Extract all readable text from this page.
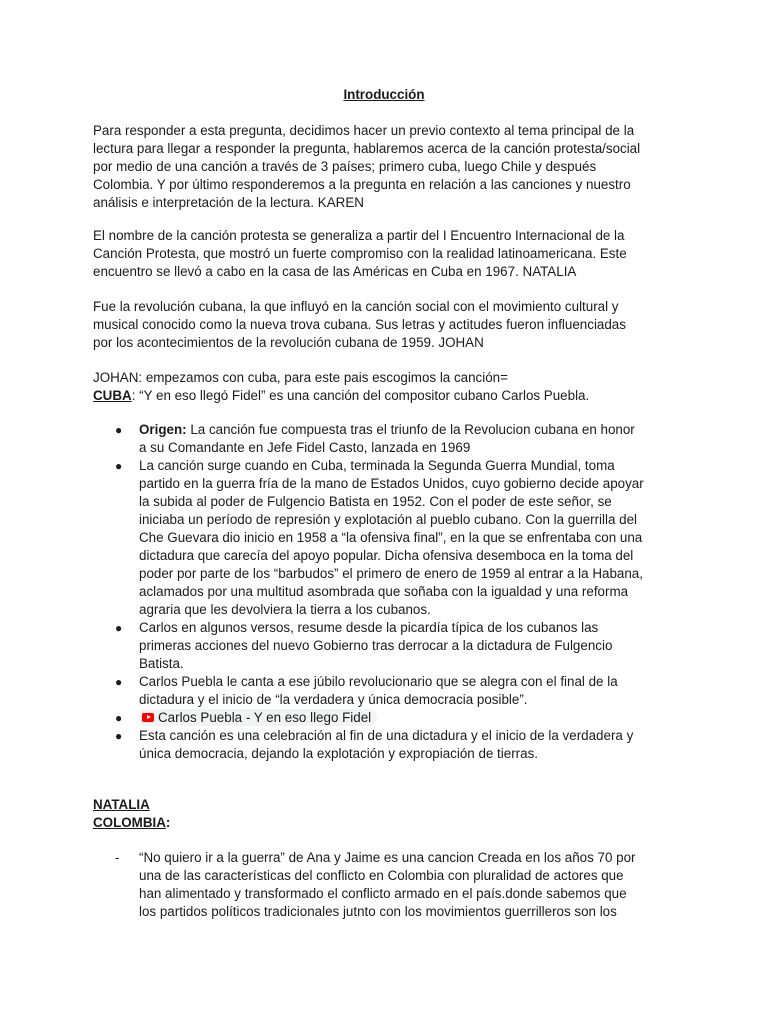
Introducción
Para responder a esta pregunta, decidimos hacer un previo contexto al tema principal de la
lectura para llegar a responder la pregunta, hablaremos acerca de la canción protesta/social
por medio de una canción a través de 3 países; primero cuba, luego Chile y después
Colombia. Y por último responderemos a la pregunta en relación a las canciones y nuestro
análisis e interpretación de la lectura. KAREN
El nombre de la canción protesta se generaliza a partir del I Encuentro Internacional de la
Canción Protesta, que mostró un fuerte compromiso con la realidad latinoamericana. Este
encuentro se llevó a cabo en la casa de las Américas en Cuba en 1967. NATALIA
Fue la revolución cubana, la que influyó en la canción social con el movimiento cultural y
musical conocido como la nueva trova cubana. Sus letras y actitudes fueron influenciadas
por los acontecimientos de la revolución cubana de 1959. JOHAN
JOHAN: empezamos con cuba, para este pais escogimos la canción=
CUBA: “Y en eso llegó Fidel” es una canción del compositor cubano Carlos Puebla.
● Origen: La canción fue compuesta tras el triunfo de la Revolucion cubana en honor
a su Comandante en Jefe Fidel Casto, lanzada en 1969
● La canción surge cuando en Cuba, terminada la Segunda Guerra Mundial, toma
partido en la guerra fría de la mano de Estados Unidos, cuyo gobierno decide apoyar
la subida al poder de Fulgencio Batista en 1952. Con el poder de este señor, se
iniciaba un período de represión y explotación al pueblo cubano. Con la guerrilla del
Che Guevara dio inicio en 1958 a “la ofensiva final”, en la que se enfrentaba con una
dictadura que carecía del apoyo popular. Dicha ofensiva desemboca en la toma del
poder por parte de los “barbudos” el primero de enero de 1959 al entrar a la Habana,
aclamados por una multitud asombrada que soñaba con la igualdad y una reforma
agraria que les devolviera la tierra a los cubanos.
● Carlos en algunos versos, resume desde la picardía típica de los cubanos las
primeras acciones del nuevo Gobierno tras derrocar a la dictadura de Fulgencio
Batista.
● Carlos Puebla le canta a ese júbilo revolucionario que se alegra con el final de la
dictadura y el inicio de “la verdadera y única democracia posible”.
●	Carlos Puebla - Y en eso llego Fidel
● Esta canción es una celebración al fin de una dictadura y el inicio de la verdadera y
única democracia, dejando la explotación y expropiación de tierras.
NATALIA
COLOMBIA:
- “No quiero ir a la guerra” de Ana y Jaime es una cancion Creada en los años 70 por
una de las características del conflicto en Colombia con pluralidad de actores que
han alimentado y transformado el conflicto armado en el país.donde sabemos que
los partidos políticos tradicionales jutnto con los movimientos guerrilleros son los
